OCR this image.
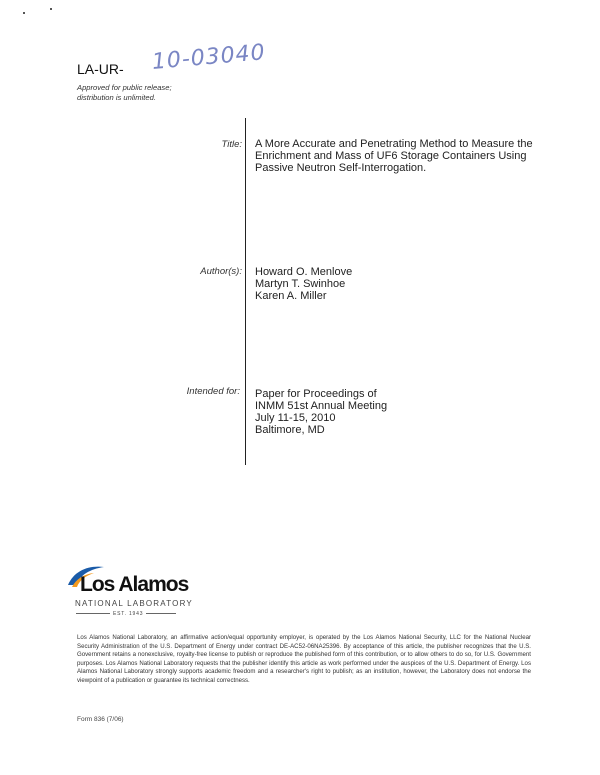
LA-UR- 10-03040
Approved for public release;
distribution is unlimited.
Title:
Author(s):
Intended for:
A More Accurate and Penetrating Method to Measure the
Enrichment and Mass of UF6 Storage Containers Using
Passive Neutron Self-Interrogation.
Howard O. Menlove
Martyn T. Swinhoe
Karen A. Miller
Paper for Proceedings of
INMM 51st Annual Meeting
July 11-15, 2010
Baltimore, MD
Los Alamos
NATIONAL LABORATORY
EST. 1943
Los Alamos National Laboratory, an affirmative action/equal opportunity employer, is operated by the Los Alamos National Security, LLC for the National Nuclear Security Administration of the U.S. Department of Energy under contract DE-AC52-06NA25396. By acceptance of this article, the publisher recognizes that the U.S. Government retains a nonexclusive, royalty-free license to publish or reproduce the published form of this contribution, or to allow others to do so, for U.S. Government purposes. Los Alamos National Laboratory requests that the publisher identify this article as work performed under the auspices of the U.S. Department of Energy. Los Alamos National Laboratory strongly supports academic freedom and a researcher's right to publish; as an institution, however, the Laboratory does not endorse the viewpoint of a publication or guarantee its technical correctness.
Form 836 (7/06)
